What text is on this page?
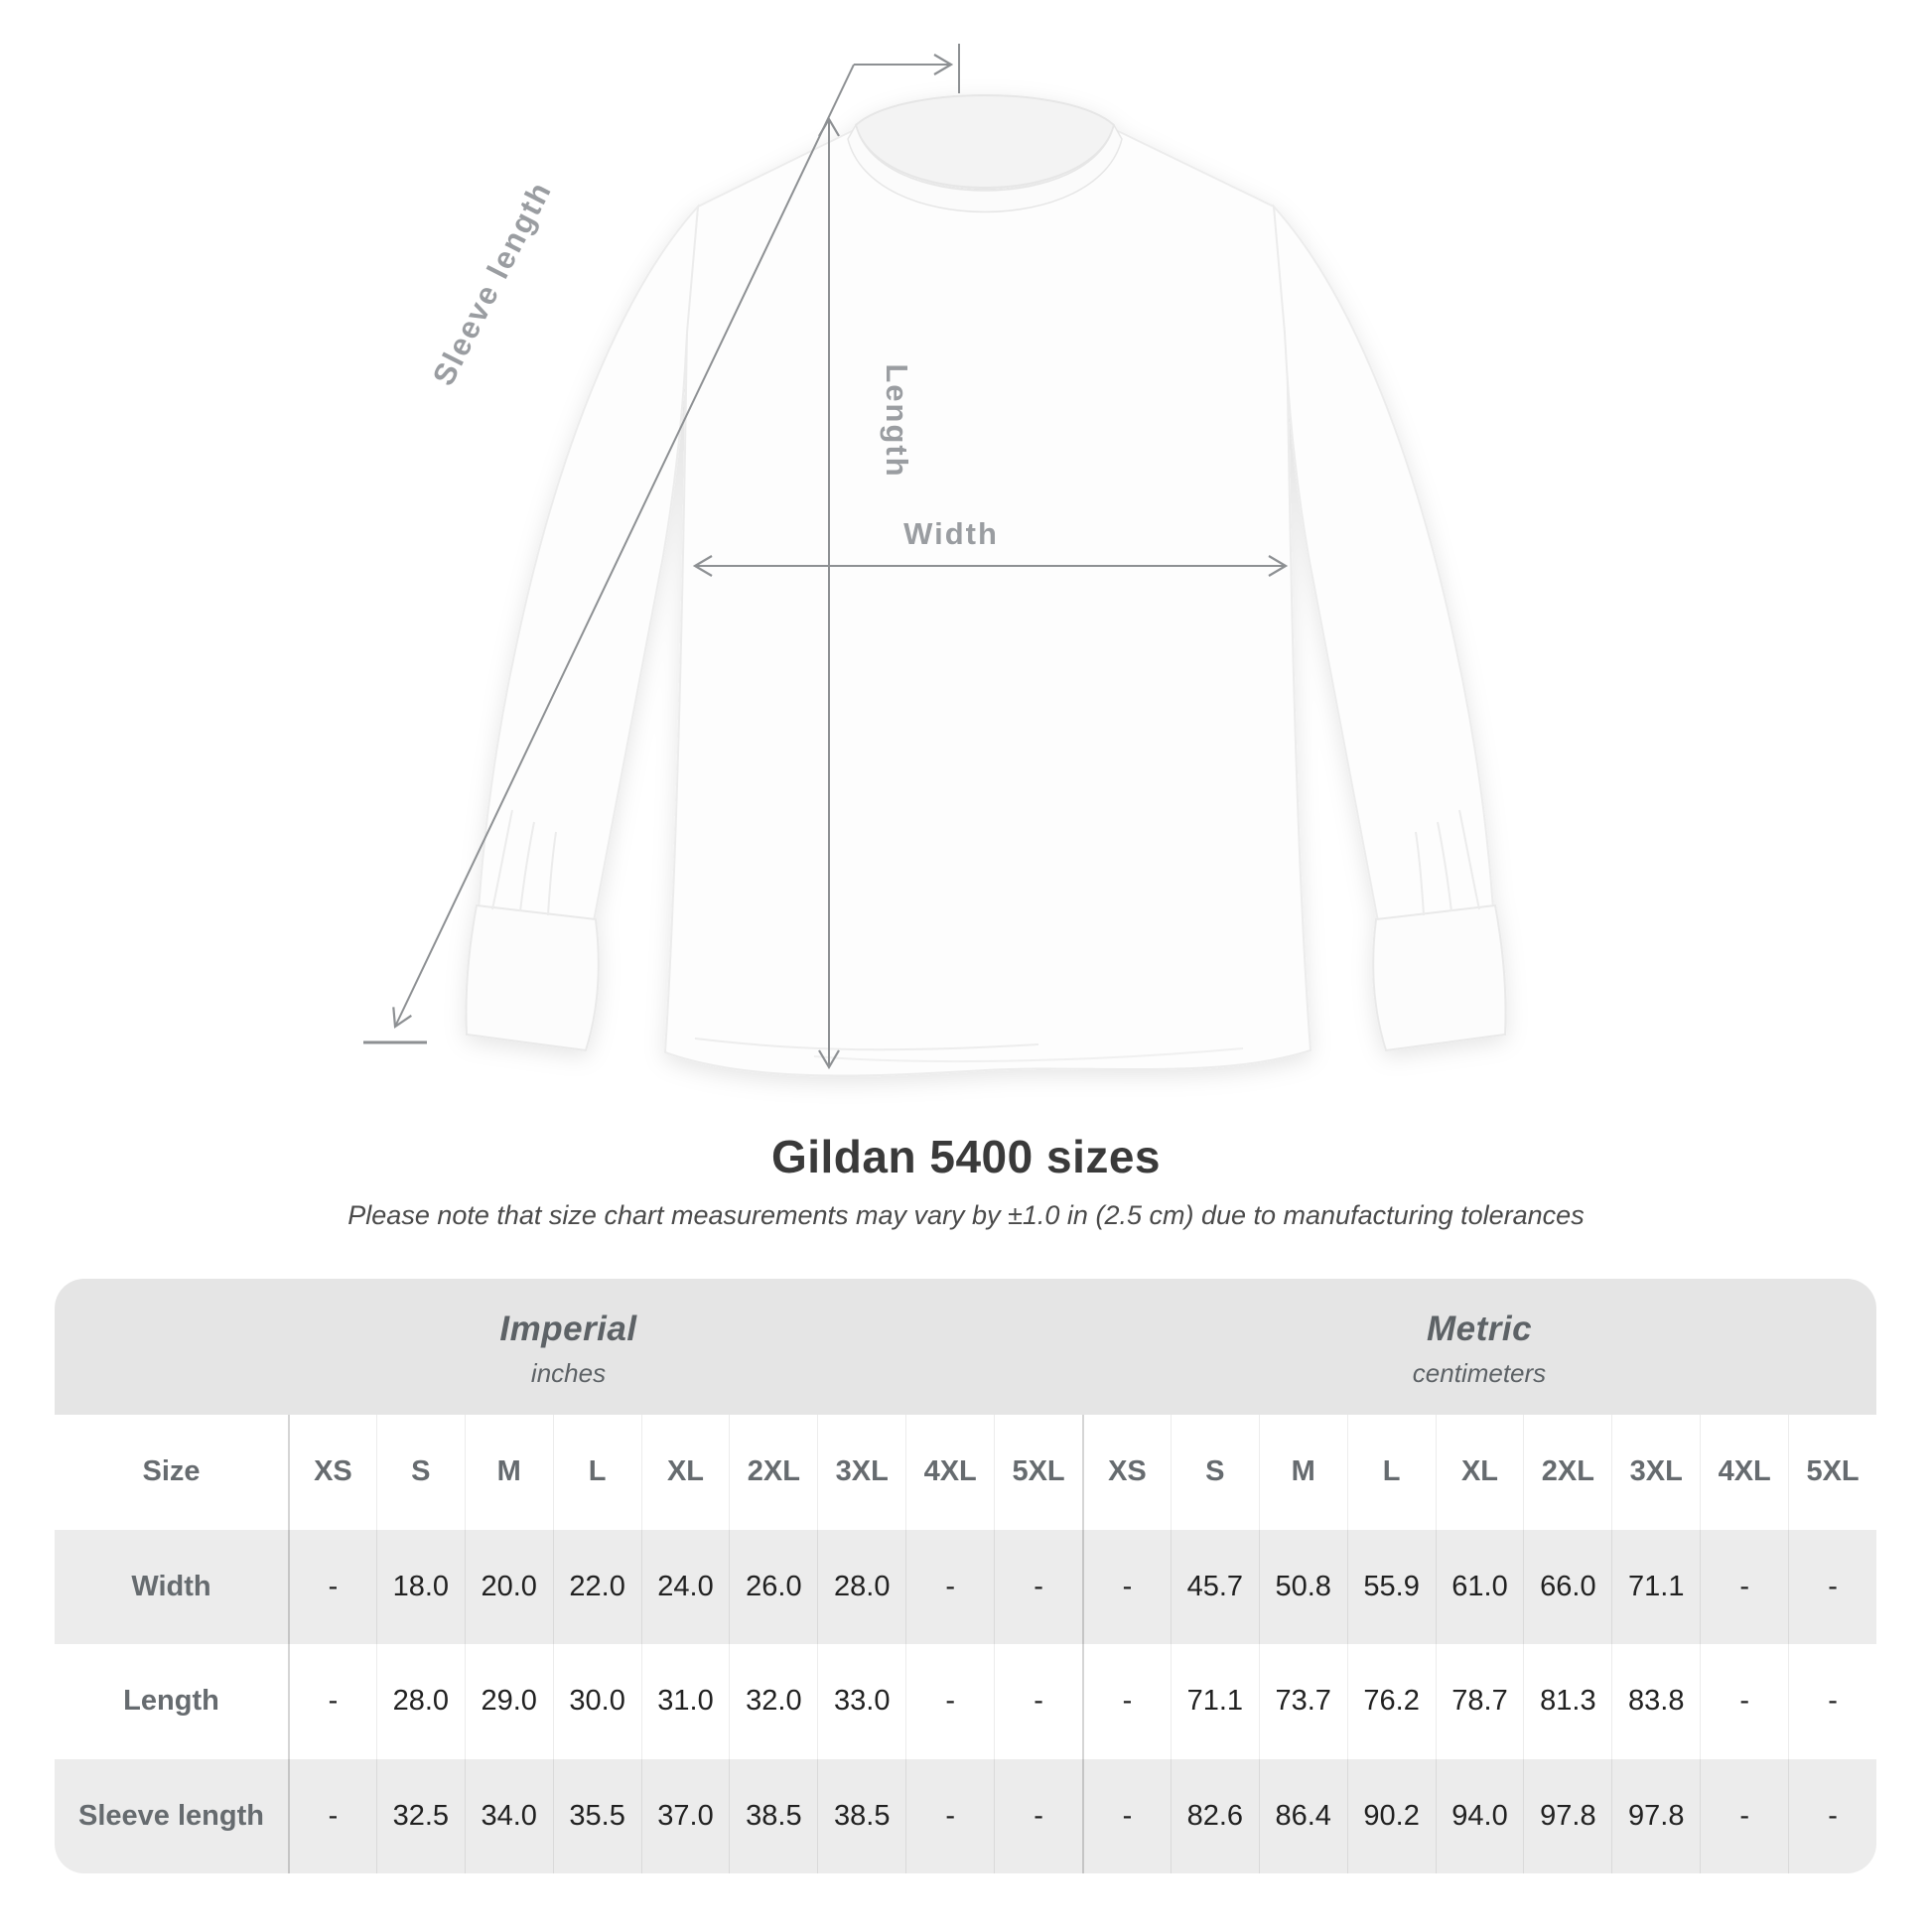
Sleeve length
Length
Width
Gildan 5400 sizes

Please note that size chart measurements may vary by ±1.0 in (2.5 cm) due to manufacturing tolerances

Imperial
inches
Metric
centimeters
Size	XS	S	M	L	XL	2XL	3XL	4XL	5XL	XS	S	M	L	XL	2XL	3XL	4XL	5XL
Width	-	18.0	20.0	22.0	24.0	26.0	28.0	-	-	-	45.7	50.8	55.9	61.0	66.0	71.1	-	-
Length	-	28.0	29.0	30.0	31.0	32.0	33.0	-	-	-	71.1	73.7	76.2	78.7	81.3	83.8	-	-
Sleeve length	-	32.5	34.0	35.5	37.0	38.5	38.5	-	-	-	82.6	86.4	90.2	94.0	97.8	97.8	-	-
